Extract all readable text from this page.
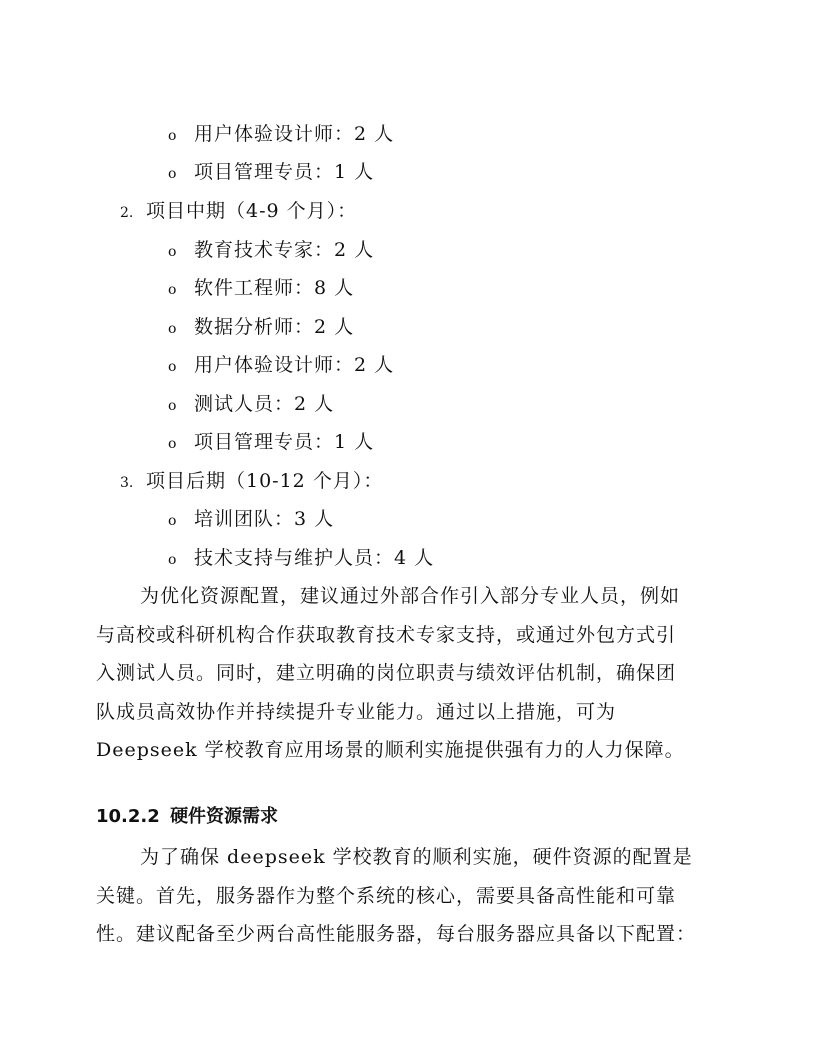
o 用户体验设计师：2 人
o 项目管理专员：1 人
2. 项目中期（4-9 个月）：
o 教育技术专家：2 人
o 软件工程师：8 人
o 数据分析师：2 人
o 用户体验设计师：2 人
o 测试人员：2 人
o 项目管理专员：1 人
3. 项目后期（10-12 个月）：
o 培训团队：3 人
o 技术支持与维护人员：4 人
为优化资源配置，建议通过外部合作引入部分专业人员，例如
与高校或科研机构合作获取教育技术专家支持，或通过外包方式引
入测试人员。同时，建立明确的岗位职责与绩效评估机制，确保团
队成员高效协作并持续提升专业能力。通过以上措施，可为
Deepseek 学校教育应用场景的顺利实施提供强有力的人力保障。
10.2.2 硬件资源需求
为了确保 deepseek 学校教育的顺利实施，硬件资源的配置是
关键。首先，服务器作为整个系统的核心，需要具备高性能和可靠
性。建议配备至少两台高性能服务器，每台服务器应具备以下配置：
